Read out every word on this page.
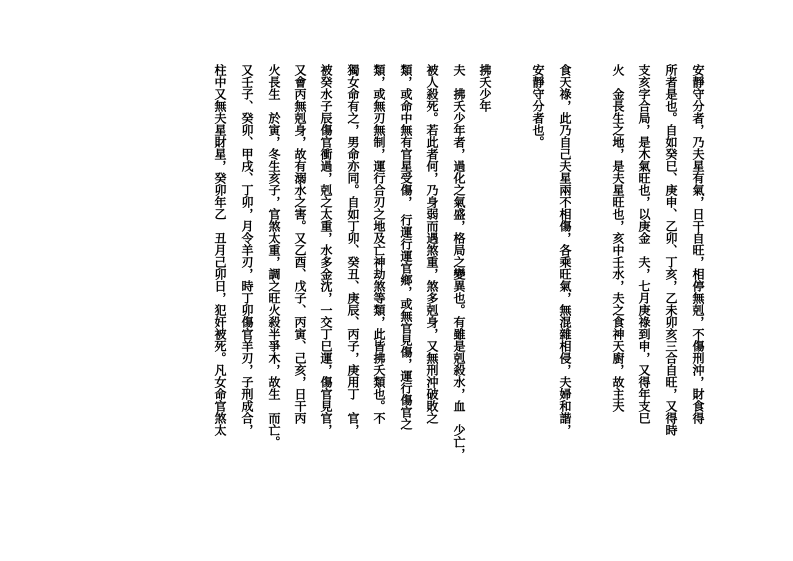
安靜守分者，乃夫星有氣，日干自旺，相停無剋，不傷刑沖，財食得
所者是也。自如癸巳、庚申、乙卯、丁亥，乙未卯亥三合自旺，又得時
支亥字合局，是木氣旺也，以庚金　夫，七月庚祿到申，又得年支巳
火　金長生之地，是夫星旺也，亥中壬水，夫之食神天廚，故主夫
食天祿，此乃自己夫星兩不相傷，各乘旺氣，無混雜相侵，夫婦和諧，
安靜守分者也。
拂夭少年
夫　拂夭少年者，過化之氣盛，格局之變異也。有雖是剋殺水，血　少亡，
被人殺死。若此者何，乃身弱而遇煞重，煞多剋身，又無刑沖破敗之
類，或命中無有官星受傷，　行運行運官鄉，或無官見傷，運行傷官之
類，或無刃無制，運行合刃之地及亡神劫煞等類，此皆拂夭類也。不
獨女命有之，男命亦同。自如丁卯、癸丑、庚辰、丙子，庚用丁　官，
被癸水子辰傷官衝過，剋之太重，水多金沈，一交丁巳運，傷官見官，
又會丙無剋身，故有溺水之害。又乙酉、戊子、丙寅、己亥，日干丙
火長生　於寅，冬生亥子，官煞太重，調之旺火殺半爭木，故生　而亡。
又壬子、癸卯、甲戌、丁卯，月令羊刃，時丁卯傷官羊刃，子刑成合，
柱中又無夫星財星，癸卯年乙　丑月己卯日，犯奸被死。凡女命官煞太
